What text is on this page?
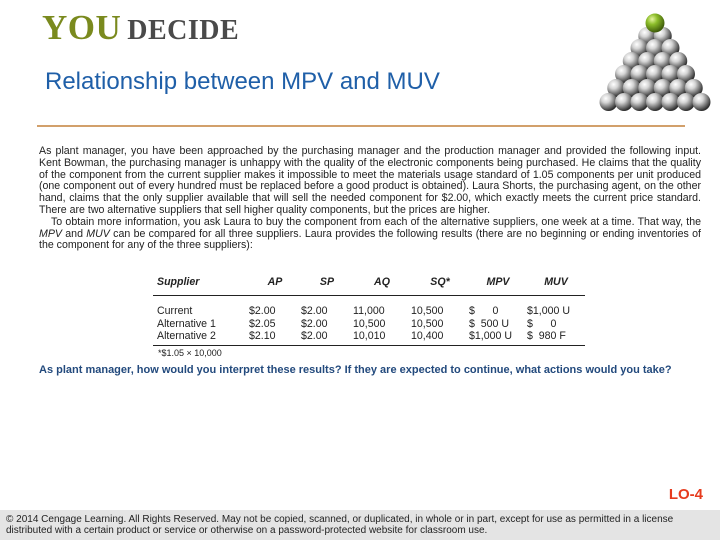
YOU DECIDE
Relationship between MPV and MUV

As plant manager, you have been approached by the purchasing manager and the production manager and provided the following input. Kent Bowman, the purchasing manager is unhappy with the quality of the electronic components being purchased. He claims that the quality of the component from the current supplier makes it impossible to meet the materials usage standard of 1.05 components per unit produced (one component out of every hundred must be replaced before a good product is obtained). Laura Shorts, the purchasing agent, on the other hand, claims that the only supplier available that will sell the needed component for $2.00, which exactly meets the current price standard. There are two alternative suppliers that sell higher quality components, but the prices are higher.

To obtain more information, you ask Laura to buy the component from each of the alternative suppliers, one week at a time. That way, the MPV and MUV can be compared for all three suppliers. Laura provides the following results (there are no beginning or ending inventories of the component for any of the three suppliers):

Supplier	AP	SP	AQ	SQ*	MPV	MUV
Current	$2.00	$2.00	11,000	10,500	$      0	$1,000 U
Alternative 1	$2.05	$2.00	10,500	10,500	$  500 U	$      0
Alternative 2	$2.10	$2.00	10,010	10,400	$1,000 U	$  980 F
*$1.05 × 10,000
As plant manager, how would you interpret these results? If they are expected to continue, what actions would you take?
LO-4
© 2014 Cengage Learning. All Rights Reserved. May not be copied, scanned, or duplicated, in whole or in part, except for use as permitted in a license distributed with a certain product or service or otherwise on a password-protected website for classroom use.
